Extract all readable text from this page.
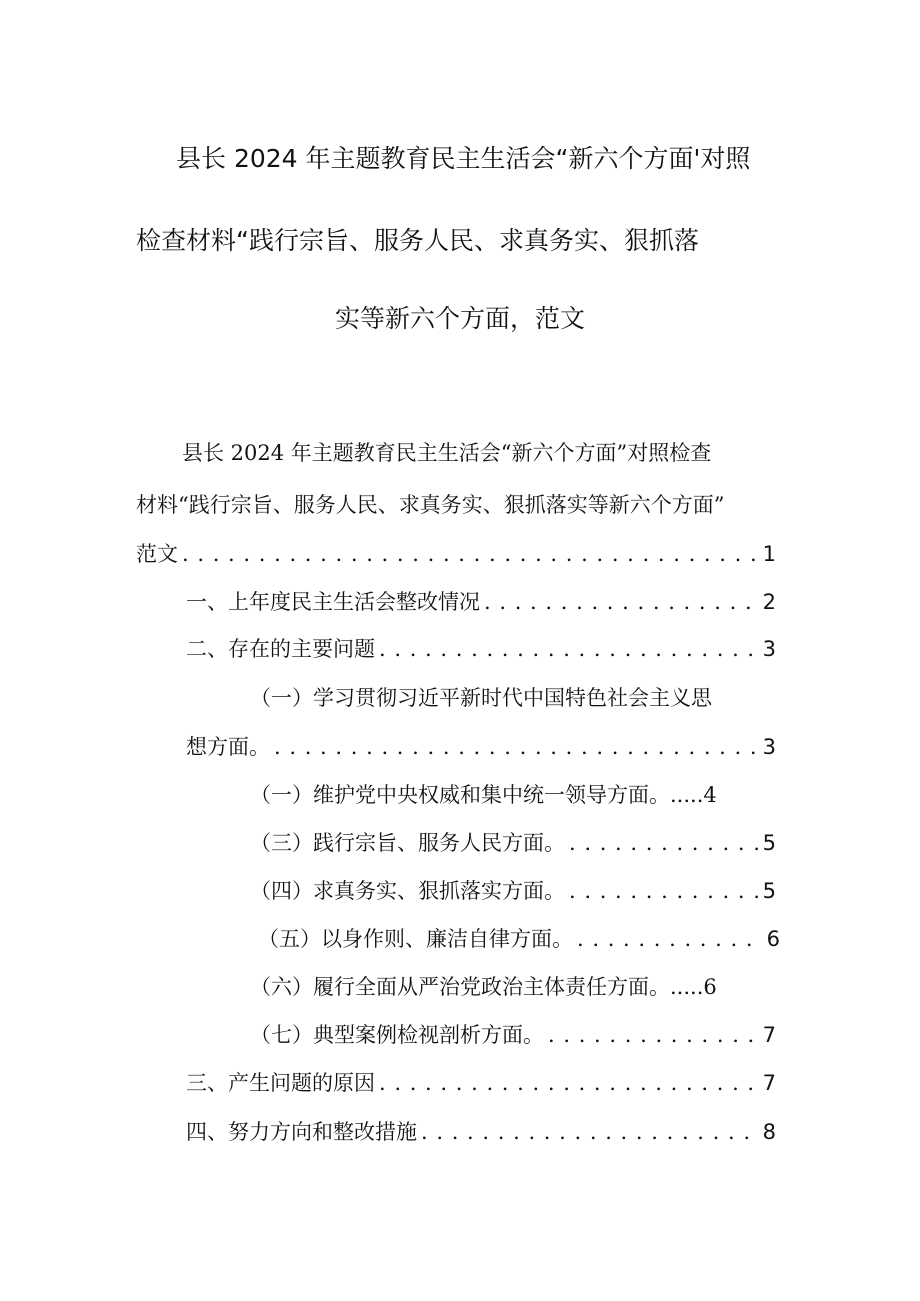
县长 2024 年主题教育民主生活会“新六个方面'对照
检查材料“践行宗旨、服务人民、求真务实、狠抓落
实等新六个方面，范文
县长 2024 年主题教育民主生活会“新六个方面”对照检查
材料“践行宗旨、服务人民、求真务实、狠抓落实等新六个方面”
范文 . . .	1
一、上年度民主生活会整改情况 . . .	2
二、存在的主要问题 . . .	3
（一）学习贯彻习近平新时代中国特色社会主义思
想方面。 . . .	3
（一）维护党中央权威和集中统一领导方面。.....4
（三）践行宗旨、服务人民方面。 . . .	5
（四）求真务实、狠抓落实方面。 . . .	5
（五）以身作则、廉洁自律方面。 . . .	6
（六）履行全面从严治党政治主体责任方面。.....6
（七）典型案例检视剖析方面。 . . .	7
三、产生问题的原因 . . .	7
四、努力方向和整改措施 . . .	8
